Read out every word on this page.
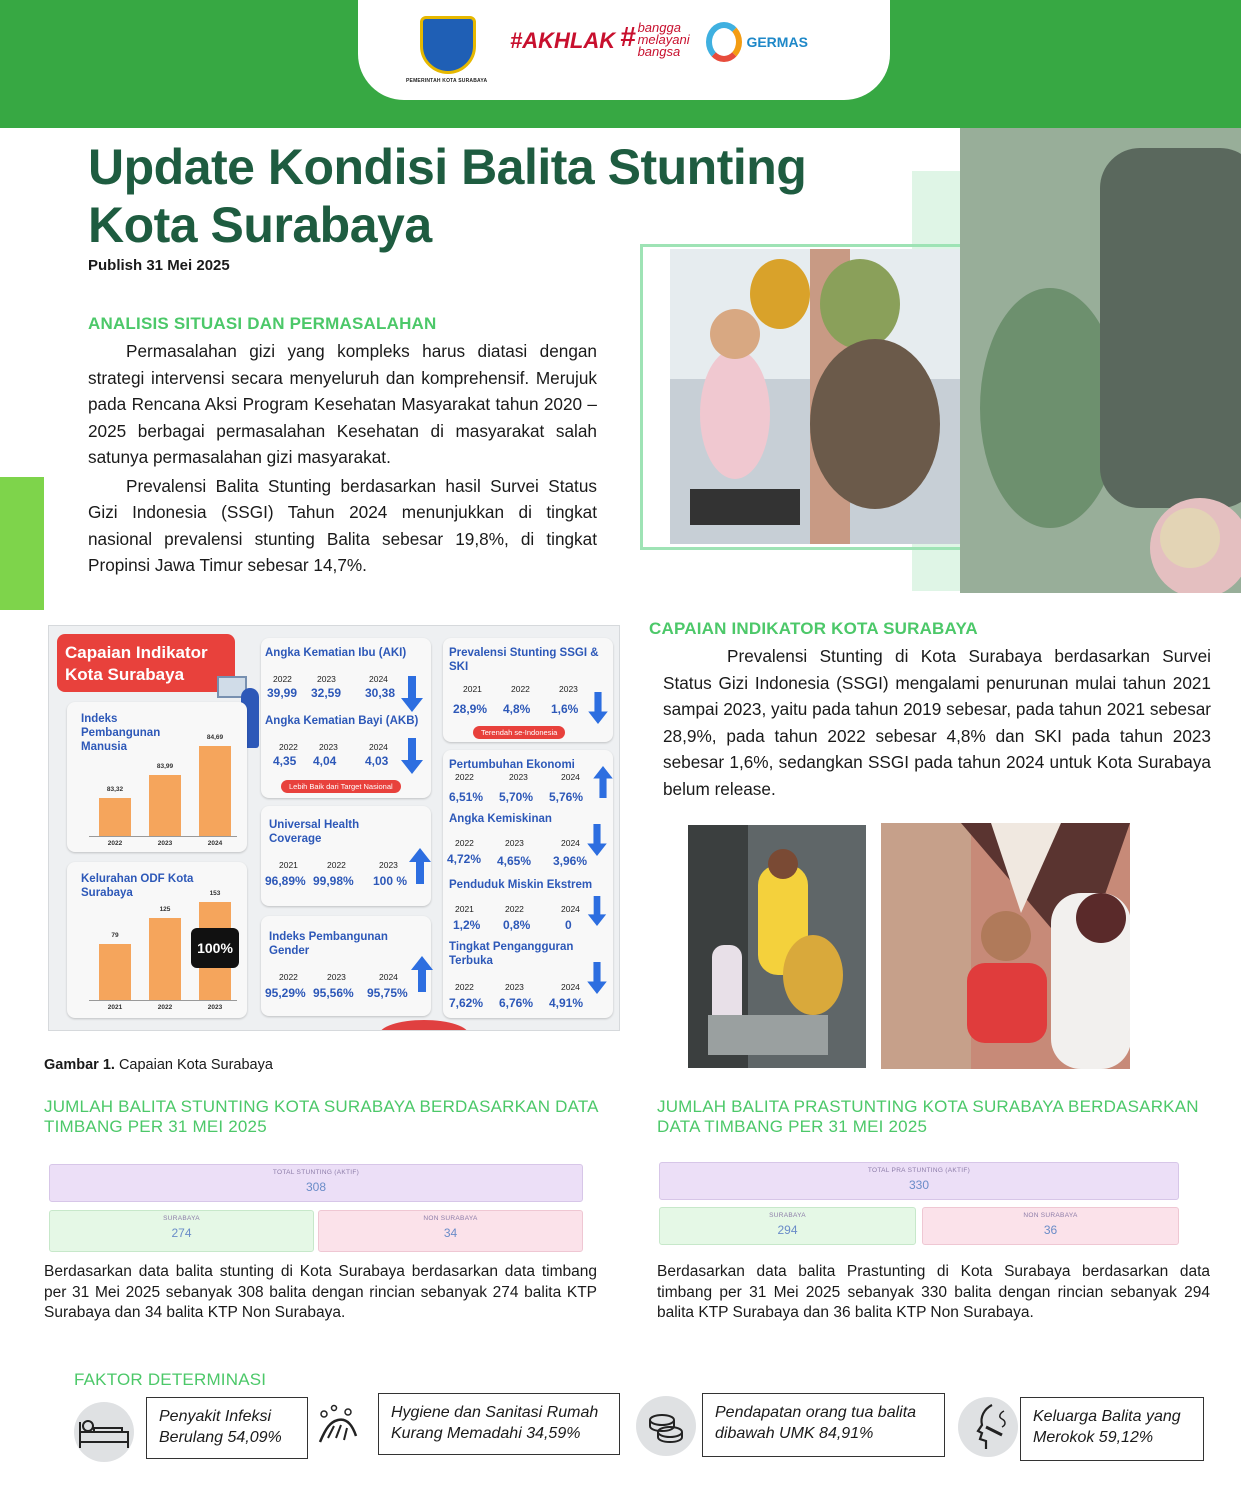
PEMERINTAH KOTA SURABAYA
#AKHLAK # bangga melayani bangsa
GERMAS
Update Kondisi Balita Stunting Kota Surabaya
Publish 31 Mei 2025
ANALISIS SITUASI DAN PERMASALAHAN

Permasalahan gizi yang kompleks harus diatasi dengan strategi intervensi secara menyeluruh dan komprehensif. Merujuk pada Rencana Aksi Program Kesehatan Masyarakat tahun 2020 – 2025 berbagai permasalahan Kesehatan di masyarakat salah satunya permasalahan gizi masyarakat.

Prevalensi Balita Stunting berdasarkan hasil Survei Status Gizi Indonesia (SSGI) Tahun 2024 menunjukkan di tingkat nasional prevalensi stunting Balita sebesar 19,8%, di tingkat Propinsi Jawa Timur sebesar 14,7%.

CAPAIAN INDIKATOR KOTA SURABAYA

Prevalensi Stunting di Kota Surabaya berdasarkan Survei Status Gizi Indonesia (SSGI) mengalami penurunan mulai tahun 2021 sampai 2023, yaitu pada tahun 2019 sebesar, pada tahun 2021 sebesar 28,9%, pada tahun 2022 sebesar 4,8% dan SKI pada tahun 2023 sebesar 1,6%, sedangkan SSGI pada tahun 2024 untuk Kota Surabaya belum release.

Capaian Indikator Kota Surabaya
Indeks Pembangunan Manusia
83,32
83,99
84,69
2022	2023	2024
Kelurahan ODF Kota Surabaya
79
125
153
100%
2021	2022	2023
Angka Kematian Ibu (AKI)
2022	2023	2024
39,99 32,59 30,38
Angka Kematian Bayi (AKB)
2022 2023	2024
4,35 4,04 4,03
Lebih Baik dari Target Nasional
Universal Health Coverage
2021	2022	2023
96,89% 99,98% 100 %
Indeks Pembangunan Gender
2022	2023	2024
95,29% 95,56% 95,75%
Prevalensi Stunting SSGI & SKI
2021	2022	2023
28,9% 4,8% 1,6%
Terendah se-Indonesia
Pertumbuhan Ekonomi
2022	2023	2024
6,51% 5,70% 5,76%
Angka Kemiskinan
2022	2023	2024
4,72% 4,65% 3,96%
Penduduk Miskin Ekstrem
2021	2022	2024
1,2% 0,8%	0
Tingkat Pengangguran Terbuka
2022	2023	2024
7,62% 6,76% 4,91%
Gambar 1. Capaian Kota Surabaya
JUMLAH BALITA STUNTING KOTA SURABAYA BERDASARKAN DATA TIMBANG PER 31 MEI 2025
TOTAL STUNTING (AKTIF)
308
SURABAYA
274
NON SURABAYA
34
Berdasarkan data balita stunting di Kota Surabaya berdasarkan data timbang per 31 Mei 2025 sebanyak 308 balita dengan rincian sebanyak 274 balita KTP Surabaya dan 34 balita KTP Non Surabaya.
JUMLAH BALITA PRASTUNTING KOTA SURABAYA BERDASARKAN DATA TIMBANG PER 31 MEI 2025
TOTAL PRA STUNTING (AKTIF)
330
SURABAYA
294
NON SURABAYA
36
Berdasarkan data balita Prastunting di Kota Surabaya berdasarkan data timbang per 31 Mei 2025 sebanyak 330 balita dengan rincian sebanyak 294 balita KTP Surabaya dan 36 balita KTP Non Surabaya.
FAKTOR DETERMINASI
Penyakit Infeksi Berulang 54,09%
Hygiene dan Sanitasi Rumah Kurang Memadahi 34,59%
Pendapatan orang tua balita dibawah UMK 84,91%
Keluarga Balita yang Merokok 59,12%
